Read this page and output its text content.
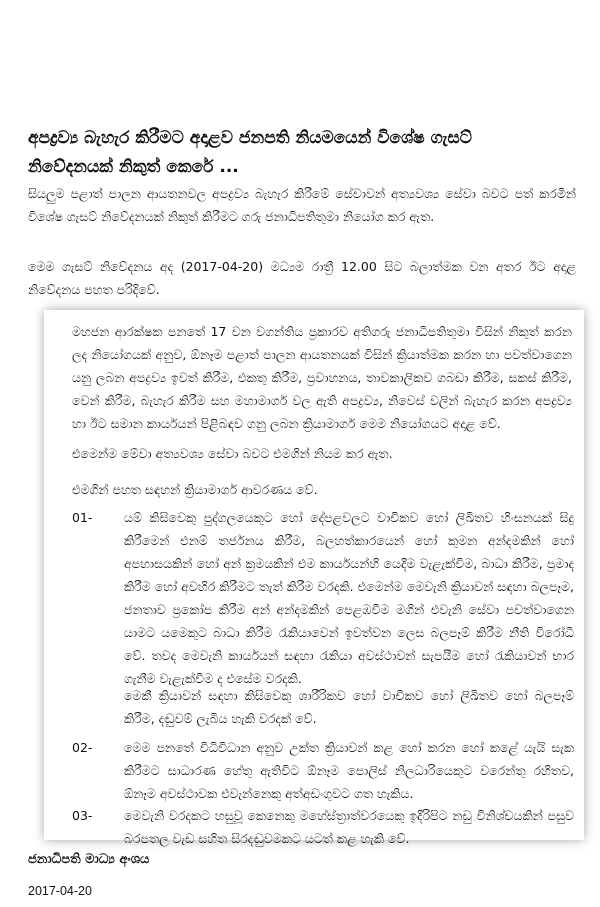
අපද්‍රව්‍ය බැහැර කිරීමට අදාළව ජනපති නියමයෙන් විශේෂ ගැසට් නිවේදනයක් නිකුත් කෙරේ ...

සියලුම පළාත් පාලන ආයතනවල අපද්‍රව්‍ය බැහැර කිරීමේ සේවාවන් අත්‍යවශ්‍ය සේවා බවට පත් කරමින් විශේෂ ගැසට් නිවේදනයක් නිකුත් කිරීමට ගරු ජනාධිපතිතුමා නියෝග කර ඇත.

මෙම ගැසට් නිවේදනය අද (2017-04-20) මධ්‍යම රාත්‍රී 12.00 සිට බලාත්මක වන අතර ඊට අදාළ නිවේදනය පහත පරිදිවේ.

මහජන ආරක්ෂක පනතේ 17 වන වගන්තිය ප්‍රකාරව අතිගරු ජනාධිපතිතුමා විසින් නිකුත් කරන ලද නියෝගයක් අනුව, ඕනෑම පළාත් පාලන ආයතනයක් විසින් ක්‍රියාත්මක කරන හා පවත්වාගෙන යනු ලබන අපද්‍රව්‍ය ඉවත් කිරීම, එකතු කිරීම, ප්‍රවාහනය, තාවකාලිකව ගබඩා කිරීම, සකස් කිරීම, වෙන් කිරීම, බැහැර කිරීම සහ මහාමාර්ග වල ඇති අපද්‍රව්‍ය, නිවෙස් වලින් බැහැර කරන අපද්‍රව්‍ය හා ඊට සමාන කාර්යයන් පිළිබඳව ගනු ලබන ක්‍රියාමාර්ග මෙම නියෝගයට අදාළ වේ.

එමෙන්ම මේවා අත්‍යවශ්‍ය සේවා බවට එමගින් නියම කර ඇත.

එමගින් පහත සඳහන් ක්‍රියාමාර්ග ආවරණය වේ.

01-	යම් කිසිවෙකු පුද්ගලයෙකුට හෝ දේපළවලට වාචිකව හෝ ලිඛිතව හිංසනයක් සිදු කිරීමෙන් එනම් තර්ජනය කිරීම, බලහත්කාරයෙන් හෝ කුමන අන්දමකින් හෝ අපහාසයකින් හෝ අන් ක්‍රමයකින් එම කාර්යයන්හි යෙදීම වැළැක්වීම, බාධා කිරීම, ප්‍රමාද කිරීම හෝ අවහිර කිරීමට තැත් කිරීම වරදකි. එමෙන්ම මෙවැනි ක්‍රියාවන් සඳහා බලපෑම, ජනතාව ප්‍රකෝප කිරීම අන් අන්දමකින් පෙළඹවීම මගින් එවැනි සේවා පවත්වාගෙන යාමට යමෙකුට බාධා කිරීම රැකියාවෙන් ඉවත්වන ලෙස බලපෑම් කිරීම නීති විරෝධී වේ. තවද මෙවැනි කාර්යයන් සඳහා රැකියා අවස්ථාවන් සැපයීම හෝ රැකියාවන් භාර ගැනීම වැළැක්වීම ද එසේම වරදකි.

මෙකී ක්‍රියාවන් සඳහා කිසිවෙකු ශාරීරිකව හෝ වාචිකව හෝ ලිඛිතව හෝ බලපෑම් කිරීම, දඬුවම් ලැබිය හැකි වරදක් වේ.

02-	මෙම පනතේ විධිවිධාන අනුව උක්ත ක්‍රියාවන් කළ හෝ කරන හෝ කළේ යැයි සැක කිරීමට සාධාරණ හේතු ඇතිවිට ඕනෑම පොලිස් නිලධාරියෙකුට වරෙන්තු රහිතව, ඕනෑම අවස්ථාවක එවැන්නෙකු අත්අඩංගුවට ගත හැකිය.

03-	මෙවැනි වරදකට හසුවූ කෙනෙකු මහේස්ත්‍රාත්වරයෙකු ඉදිරිපිට නඩු විනිශ්චයකින් පසුව බරපතල වැඩ සහිත සිරදඬුවමකට යටත් කළ හැකි වේ.

ජනාධිපති මාධ්‍ය අංශය

2017-04-20
